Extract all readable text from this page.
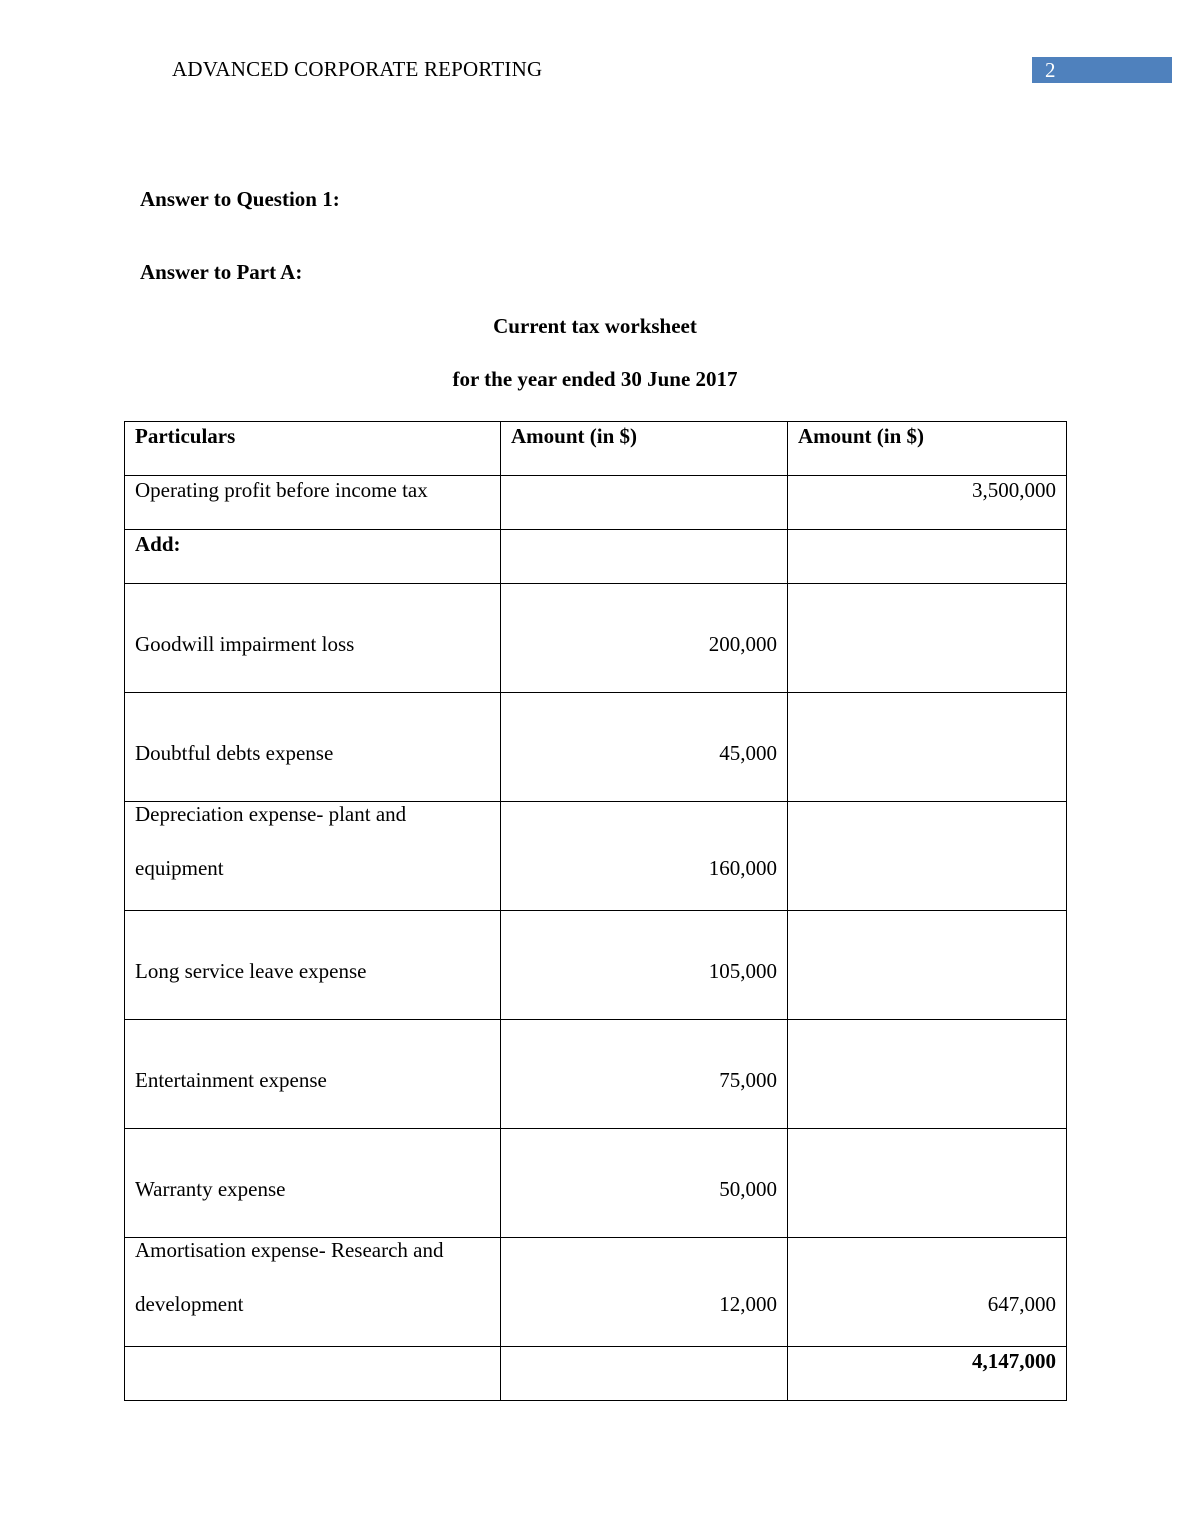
ADVANCED CORPORATE REPORTING	2
Answer to Question 1:
Answer to Part A:
Current tax worksheet
for the year ended 30 June 2017
Particulars	Amount (in $)	Amount (in $)
Operating profit before income tax		3,500,000
Add:		

Goodwill impairment loss	200,000	

Doubtful debts expense	45,000	

Depreciation expense- plant and
equipment	160,000	

Long service leave expense	105,000	

Entertainment expense	75,000	

Warranty expense	50,000	

Amortisation expense- Research and
development	12,000	647,000

		4,147,000
